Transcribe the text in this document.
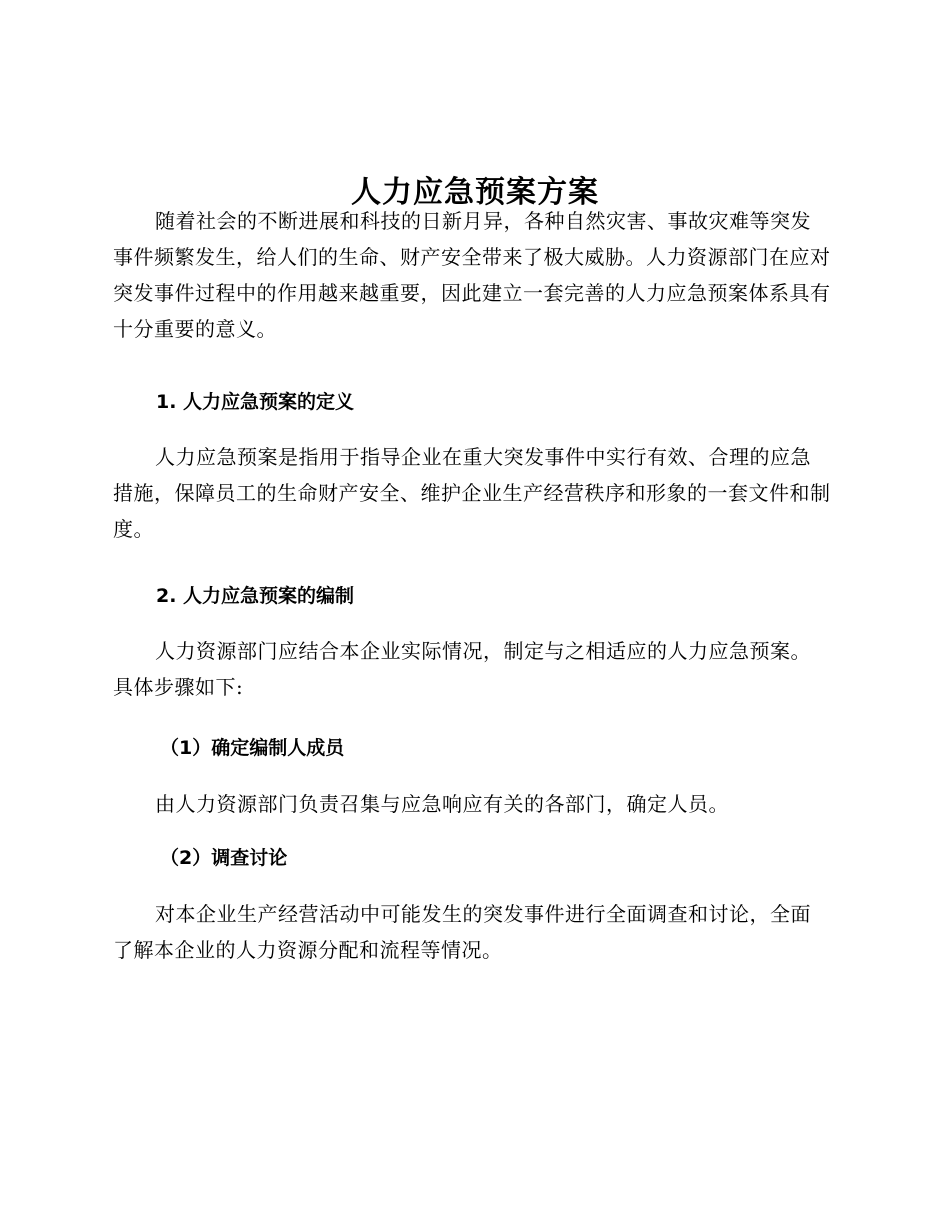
人力应急预案方案

随着社会的不断进展和科技的日新月异，各种自然灾害、事故灾难等突发事件频繁发生，给人们的生命、财产安全带来了极大威胁。人力资源部门在应对突发事件过程中的作用越来越重要，因此建立一套完善的人力应急预案体系具有十分重要的意义。

1. 人力应急预案的定义

人力应急预案是指用于指导企业在重大突发事件中实行有效、合理的应急措施，保障员工的生命财产安全、维护企业生产经营秩序和形象的一套文件和制度。

2. 人力应急预案的编制

人力资源部门应结合本企业实际情况，制定与之相适应的人力应急预案。具体步骤如下:

（1）确定编制人成员

由人力资源部门负责召集与应急响应有关的各部门，确定人员。

（2）调查讨论

对本企业生产经营活动中可能发生的突发事件进行全面调查和讨论，全面了解本企业的人力资源分配和流程等情况。
